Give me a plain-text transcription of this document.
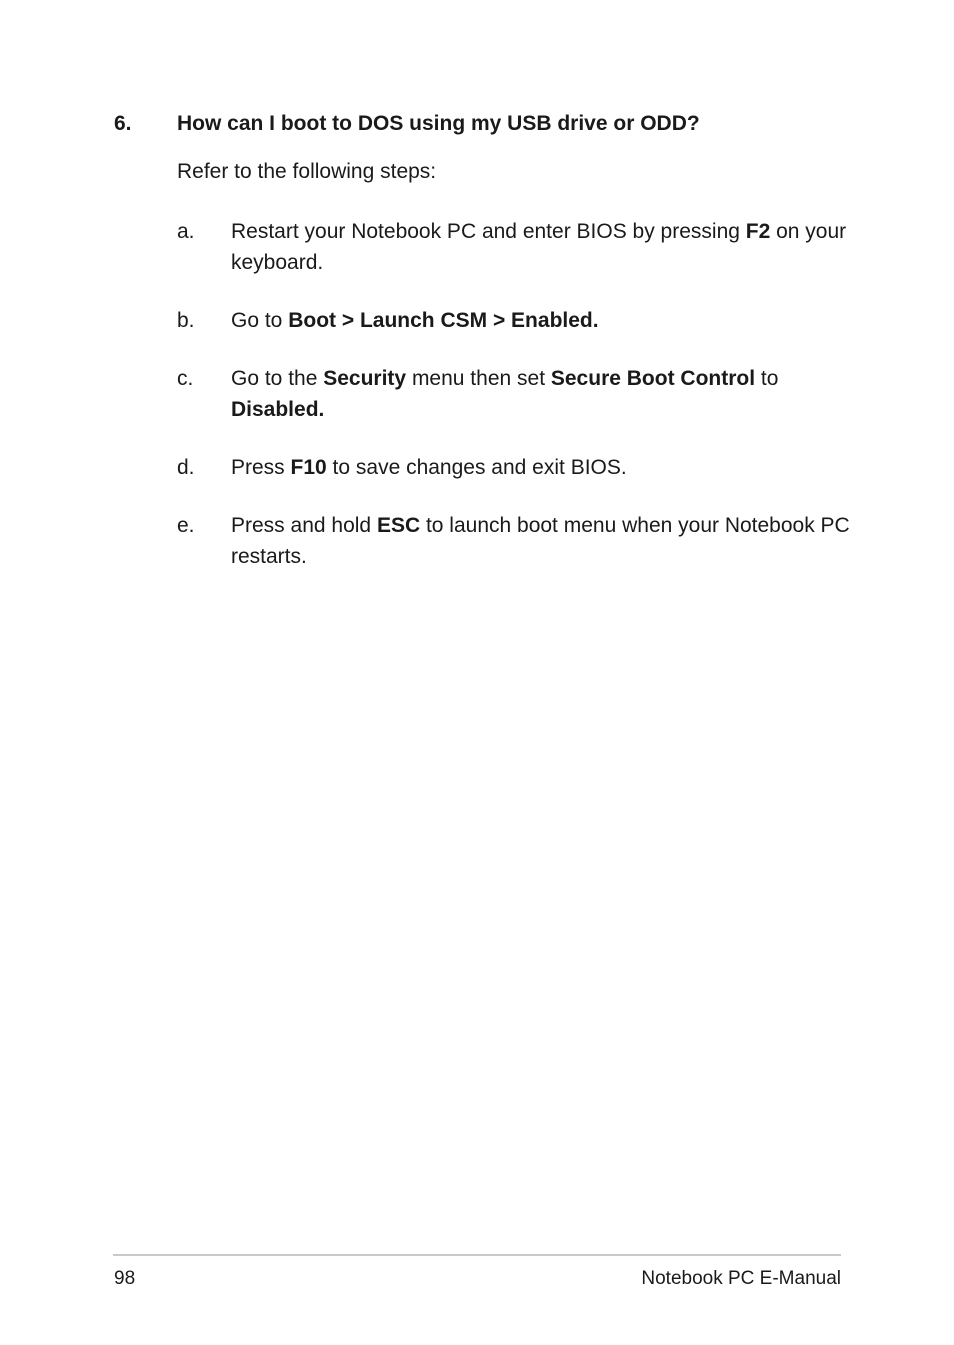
6. How can I boot to DOS using my USB drive or ODD?
Refer to the following steps:
a. Restart your Notebook PC and enter BIOS by pressing F2 on your keyboard.
b. Go to Boot > Launch CSM > Enabled.
c. Go to the Security menu then set Secure Boot Control to Disabled.
d. Press F10 to save changes and exit BIOS.
e. Press and hold ESC to launch boot menu when your Notebook PC restarts.
98	Notebook PC E-Manual
